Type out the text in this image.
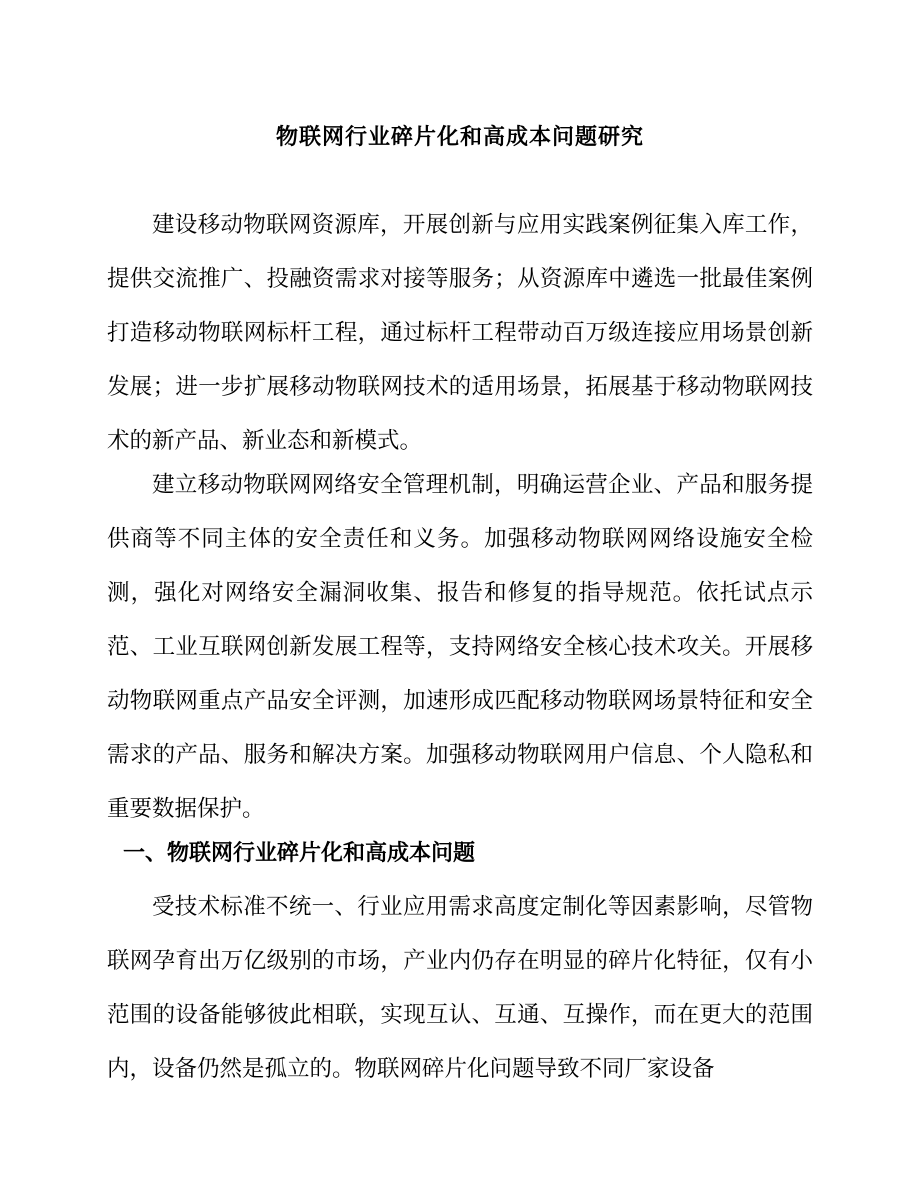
物联网行业碎片化和高成本问题研究

建设移动物联网资源库，开展创新与应用实践案例征集入库工作，提供交流推广、投融资需求对接等服务；从资源库中遴选一批最佳案例打造移动物联网标杆工程，通过标杆工程带动百万级连接应用场景创新发展；进一步扩展移动物联网技术的适用场景，拓展基于移动物联网技术的新产品、新业态和新模式。

建立移动物联网网络安全管理机制，明确运营企业、产品和服务提供商等不同主体的安全责任和义务。加强移动物联网网络设施安全检测，强化对网络安全漏洞收集、报告和修复的指导规范。依托试点示范、工业互联网创新发展工程等，支持网络安全核心技术攻关。开展移动物联网重点产品安全评测，加速形成匹配移动物联网场景特征和安全需求的产品、服务和解决方案。加强移动物联网用户信息、个人隐私和重要数据保护。

一、物联网行业碎片化和高成本问题

受技术标准不统一、行业应用需求高度定制化等因素影响，尽管物联网孕育出万亿级别的市场，产业内仍存在明显的碎片化特征，仅有小范围的设备能够彼此相联，实现互认、互通、互操作，而在更大的范围内，设备仍然是孤立的。物联网碎片化问题导致不同厂家设备
